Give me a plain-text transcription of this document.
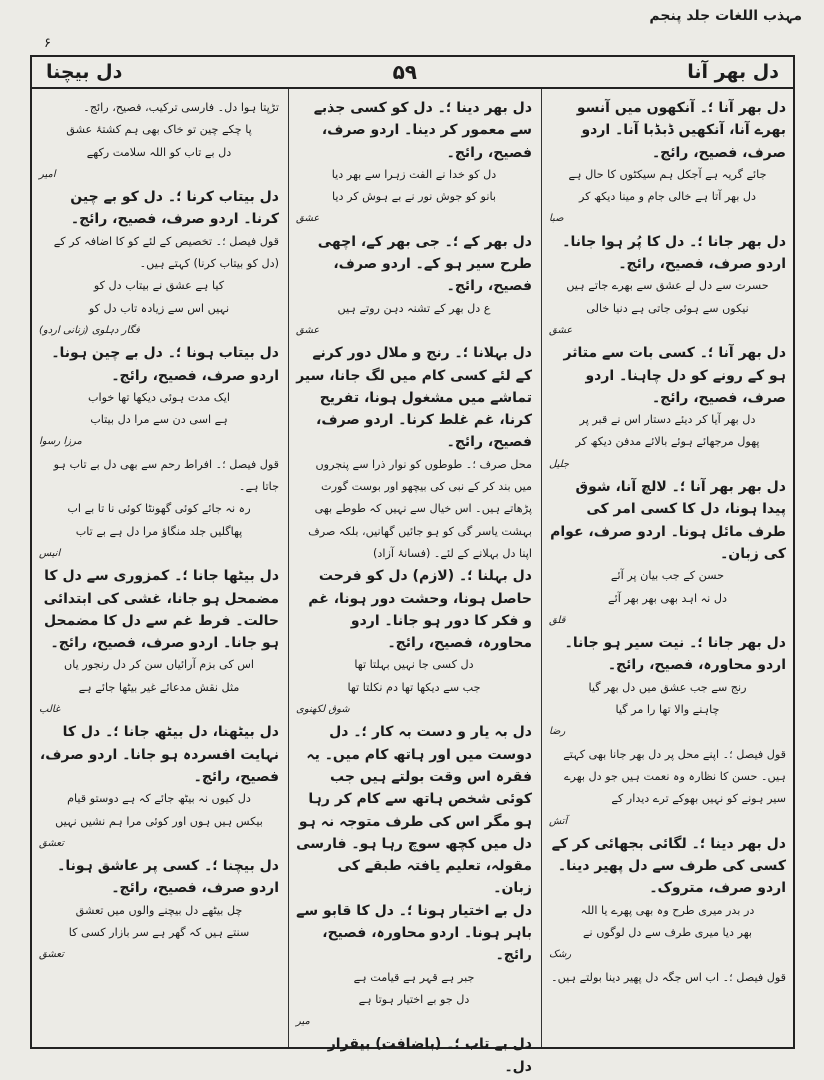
مہذب اللغات جلد پنجم
۶
دل بیچنا	۵۹	دل بھر آنا

دل بھر آنا ؛۔ آنکھوں میں آنسو بھرے آنا، آنکھیں ڈبڈبا آنا۔ اردو صرف، فصیح، رائج۔

جائے گریہ ہے آجکل ہم سیکٹوں کا حال ہے

دل بھر آتا ہے خالی جام و مینا دیکھ کر

صبا

دل بھر جانا ؛۔ دل کا پُر ہوا جانا۔ اردو صرف، فصیح، رائج۔

حسرت سے دل لے عشق سے بھرے جاتے ہیں

نیکوں سے ہوئی جاتی ہے دنیا خالی

عشق

دل بھر آنا ؛۔ کسی بات سے متاثر ہو کے رونے کو دل چاہنا۔ اردو صرف، فصیح، رائج۔

دل بھر آیا کر دیئے دستار اس نے قبر پر

پھول مرجھائے ہوئے بالائے مدفن دیکھ کر

جلیل

دل بھر بھر آنا ؛۔ لالچ آنا، شوق پیدا ہونا، دل کا کسی امر کی طرف مائل ہونا۔ اردو صرف، عوام کی زبان۔

حسن کے جب بیان پر آئے

دل نہ اہد بھی بھر بھر آئے

قلق

دل بھر جانا ؛۔ نیت سیر ہو جانا۔ اردو محاورہ، فصیح، رائج۔

رنج سے جب عشق میں دل بھر گیا

چاہنے والا تھا را مر گیا

رضا

قول فیصل ؛۔ اپنے محل پر دل بھر جانا بھی کہتے ہیں۔ حسن کا نظارہ وہ نعمت ہیں جو دل بھرے سیر ہونے کو نہیں بھوکے ترے دیدار کے

آتش

دل بھر دینا ؛۔ لگائی بجھائی کر کے کسی کی طرف سے دل پھیر دینا۔ اردو صرف، متروک۔

در بدر میری طرح وہ بھی پھرے یا اللہ

بھر دیا میری طرف سے دل لوگوں نے

رشک

قول فیصل ؛۔ اب اس جگہ دل پھیر دینا بولتے ہیں۔

دل بھر دینا ؛۔ دل کو کسی جذبے سے معمور کر دینا۔ اردو صرف، فصیح، رائج۔

دل کو خدا نے الفت زہرا سے بھر دیا

بانو کو جوش نور نے بے ہوش کر دیا

عشق

دل بھر کے ؛۔ جی بھر کے، اچھی طرح سیر ہو کے۔ اردو صرف، فصیح، رائج۔

ع دل بھر کے تشنہ دہن روتے ہیں

عشق

دل بہلانا ؛۔ رنج و ملال دور کرنے کے لئے کسی کام میں لگ جانا، سیر تماشے میں مشغول ہونا، تفریح کرنا، غم غلط کرنا۔ اردو صرف، فصیح، رائج۔

محل صرف ؛۔ طوطوں کو نوار ذرا سے پنجروں میں بند کر کے نبی کی بیچھو اور بوست گورت پڑھاتے ہیں۔ اس خیال سے نہیں کہ طوطے بھی بہشت یاسر گی کو ہو جائیں گھانیں، بلکہ صرف اپنا دل بہلانے کے لئے۔ (فسانۂ آزاد)

دل بہلنا ؛۔ (لازم) دل کو فرحت حاصل ہونا، وحشت دور ہونا، غم و فکر کا دور ہو جانا۔ اردو محاورہ، فصیح، رائج۔

دل کسی جا نہیں بہلتا تھا

جب سے دیکھا تھا دم نکلتا تھا

شوق لکھنوی

دل بہ یار و دست بہ کار ؛۔ دل دوست میں اور ہاتھ کام میں۔ یہ فقرہ اس وقت بولتے ہیں جب کوئی شخص ہاتھ سے کام کر رہا ہو مگر اس کی طرف متوجہ نہ ہو دل میں کچھ سوچ رہا ہو۔ فارسی مقولہ، تعلیم یافتہ طبقے کی زبان۔

دل بے اختیار ہونا ؛۔ دل کا قابو سے باہر ہونا۔ اردو محاورہ، فصیح، رائج۔

جبر ہے قہر ہے قیامت ہے

دل جو بے اختیار ہوتا ہے

میر

دل بے تاب ؛۔ (باضافت) بیقرار دل۔

تڑپتا ہوا دل۔ فارسی ترکیب، فصیح، رائج۔

پا چکے چین تو خاک بھی ہم کشتۂ عشق

دل بے تاب کو اللہ سلامت رکھے

امیر

دل بیتاب کرنا ؛۔ دل کو بے چین کرنا۔ اردو صرف، فصیح، رائج۔

قول فیصل ؛۔ تخصیص کے لئے کو کا اضافہ کر کے (دل کو بیتاب کرنا) کہتے ہیں۔

کیا ہے عشق نے بیتاب دل کو

نہیں اس سے زیادہ تاب دل کو

فگار دہلوی (زنانی اردو)

دل بیتاب ہونا ؛۔ دل بے چین ہونا۔ اردو صرف، فصیح، رائج۔

ایک مدت ہوئی دیکھا تھا خواب

ہے اسی دن سے مرا دل بیتاب

مرزا رسوا

قول فیصل ؛۔ افراط رحم سے بھی دل بے تاب ہو جاتا ہے۔

رہ نہ جائے کوئی گھونٹا کوئی نا تا بے اب

پھاگلیں جلد منگاؤ مرا دل ہے بے تاب

انیس

دل بیٹھا جانا ؛۔ کمزوری سے دل کا مضمحل ہو جانا، غشی کی ابتدائی حالت۔ فرط غم سے دل کا مضمحل ہو جانا۔ اردو صرف، فصیح، رائج۔

اس کی بزم آرائیاں سن کر دل رنجور یاں

مثل نقش مدعائے غیر بیٹھا جائے ہے

غالب

دل بیٹھنا، دل بیٹھ جانا ؛۔ دل کا نہایت افسردہ ہو جانا۔ اردو صرف، فصیح، رائج۔

دل کیوں نہ بیٹھ جائے کہ ہے دوستو قیام

بیکس ہیں ہوں اور کوئی مرا ہم نشیں نہیں

تعشق

دل بیچنا ؛۔ کسی پر عاشق ہونا۔ اردو صرف، فصیح، رائج۔

چل بیٹھے دل بیچنے والوں میں تعشق

سنتے ہیں کہ گھر ہے سر بازار کسی کا

تعشق
